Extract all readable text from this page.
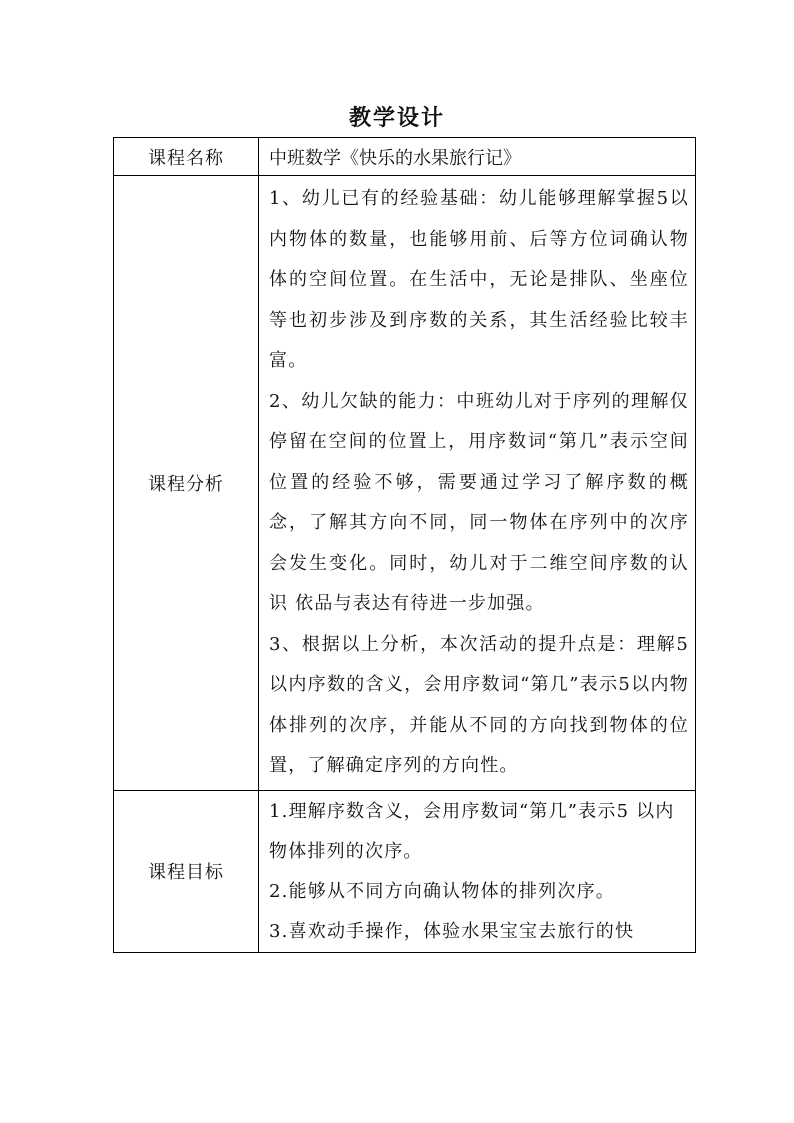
教学设计
课程名称	中班数学《快乐的水果旅行记》
课程分析	1、幼儿已有的经验基础：幼儿能够理解掌握5以内物体的数量，也能够用前、后等方位词确认物体的空间位置。在生活中，无论是排队、坐座位等也初步涉及到序数的关系，其生活经验比较丰富。

2、幼儿欠缺的能力：中班幼儿对于序列的理解仅停留在空间的位置上，用序数词“第几”表示空间位置的经验不够，需要通过学习了解序数的概念，了解其方向不同，同一物体在序列中的次序会发生变化。同时，幼儿对于二维空间序数的认识 依品与表达有待进一步加强。

3、根据以上分析，本次活动的提升点是：理解5以内序数的含义，会用序数词“第几”表示5以内物体排列的次序，并能从不同的方向找到物体的位置，了解确定序列的方向性。

课程目标	1.理解序数含义，会用序数词“第几”表示5 以内物体排列的次序。

2.能够从不同方向确认物体的排列次序。

3.喜欢动手操作，体验水果宝宝去旅行的快
